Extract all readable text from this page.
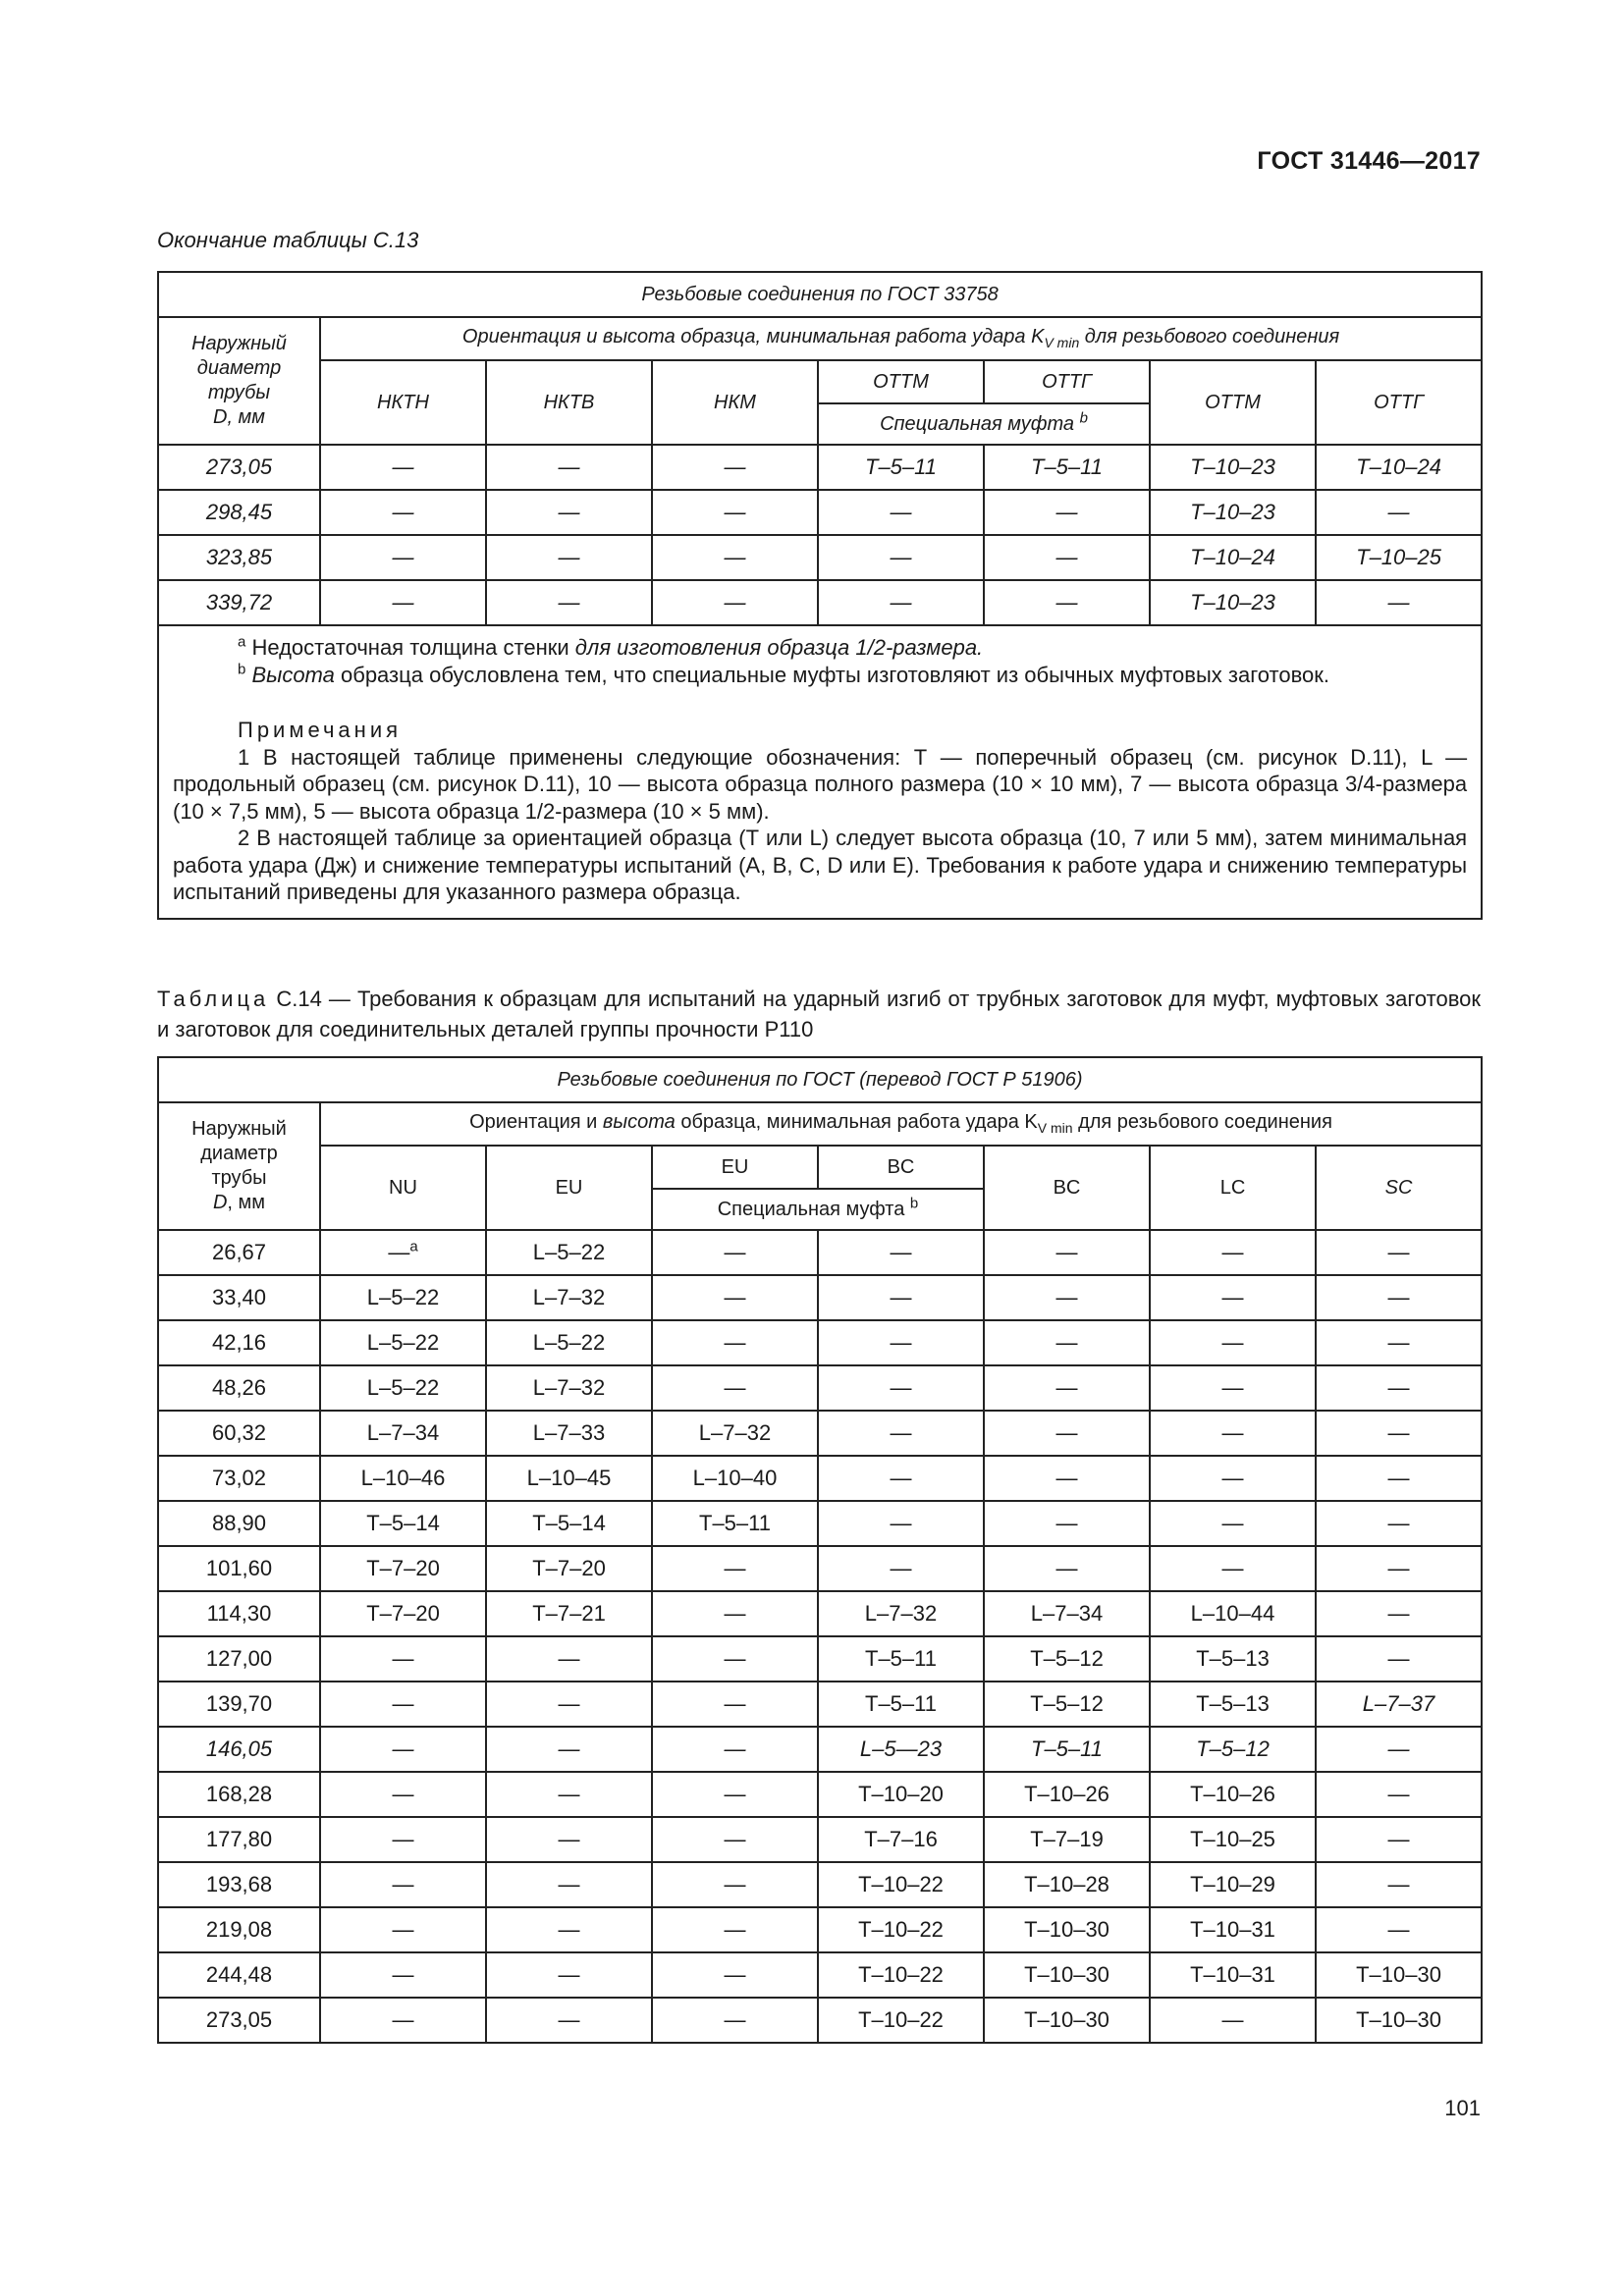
ГОСТ 31446—2017
Окончание таблицы С.13
Резьбовые соединения по ГОСТ 33758							
Наружный
диаметр
трубы
D, мм	Ориентация и высота образца, минимальная работа удара $K_{V min}$ для резьбового соединения						
	НКТН	НКТВ	НКМ	ОТТМ	ОТТГ	ОТТМ	ОТТГ
				Специальная муфта $^b$
273,05	—	—	—	Т–5–11	Т–5–11	Т–10–23	Т–10–24
298,45	—	—	—	—	—	Т–10–23	—
323,85	—	—	—	—	—	Т–10–24	Т–10–25
339,72	—	—	—	—	—	Т–10–23	—

$^a$ Недостаточная толщина стенки для изготовления образца 1/2-размера.

$^b$ Высота образца обусловлена тем, что специальные муфты изготовляют из обычных муфтовых заготовок.

Примечания

1 В настоящей таблице применены следующие обозначения: Т — поперечный образец (см. рисунок D.11), L — продольный образец (см. рисунок D.11), 10 — высота образца полного размера (10 × 10 мм), 7 — высота образца 3/4-размера (10 × 7,5 мм), 5 — высота образца 1/2-размера (10 × 5 мм).

2 В настоящей таблице за ориентацией образца (Т или L) следует высота образца (10, 7 или 5 мм), затем минимальная работа удара (Дж) и снижение температуры испытаний (A, B, C, D или E). Требования к работе удара и снижению температуры испытаний приведены для указанного размера образца.							

Таблица С.14 — Требования к образцам для испытаний на ударный изгиб от трубных заготовок для муфт, муфтовых заготовок и заготовок для соединительных деталей группы прочности Р110
Резьбовые соединения по ГОСТ (перевод ГОСТ Р 51906)							
Наружный
диаметр
трубы
D, мм	Ориентация и высота образца, минимальная работа удара $K_{V min}$ для резьбового соединения						
	NU	EU	EU	BC	BC	LC	SC
			Специальная муфта $^b$
26,67	—$^a$	L–5–22	—	—	—	—	—
33,40	L–5–22	L–7–32	—	—	—	—	—
42,16	L–5–22	L–5–22	—	—	—	—	—
48,26	L–5–22	L–7–32	—	—	—	—	—
60,32	L–7–34	L–7–33	L–7–32	—	—	—	—
73,02	L–10–46	L–10–45	L–10–40	—	—	—	—
88,90	Т–5–14	Т–5–14	Т–5–11	—	—	—	—
101,60	Т–7–20	Т–7–20	—	—	—	—	—
114,30	Т–7–20	Т–7–21	—	L–7–32	L–7–34	L–10–44	—
127,00	—	—	—	Т–5–11	Т–5–12	Т–5–13	—
139,70	—	—	—	Т–5–11	Т–5–12	Т–5–13	L–7–37
146,05	—	—	—	L–5—23	Т–5–11	Т–5–12	—
168,28	—	—	—	Т–10–20	Т–10–26	Т–10–26	—
177,80	—	—	—	Т–7–16	Т–7–19	Т–10–25	—
193,68	—	—	—	Т–10–22	Т–10–28	Т–10–29	—
219,08	—	—	—	Т–10–22	Т–10–30	Т–10–31	—
244,48	—	—	—	Т–10–22	Т–10–30	Т–10–31	Т–10–30
273,05	—	—	—	Т–10–22	Т–10–30	—	Т–10–30
101
